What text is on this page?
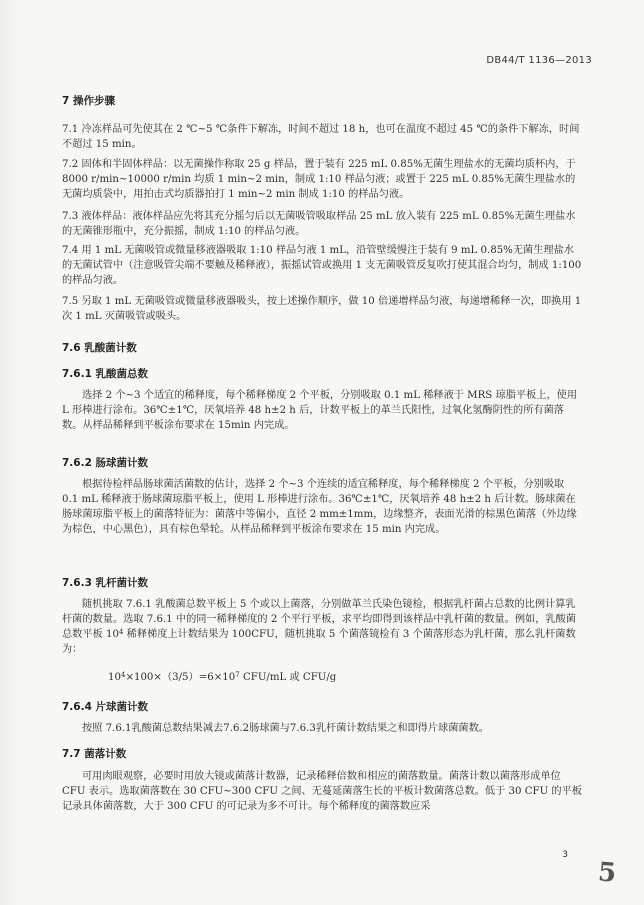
DB44/T 1136—2013
7 操作步骤

7.1 冷冻样品可先使其在 2 ℃~5 ℃条件下解冻，时间不超过 18 h，也可在温度不超过 45 ℃的条件下解冻，时间不超过 15 min。

7.2 固体和半固体样品：以无菌操作称取 25 g 样品，置于装有 225 mL 0.85%无菌生理盐水的无菌均质杯内，于 8000 r/min~10000 r/min 均质 1 min~2 min，制成 1:10 样品匀液；或置于 225 mL 0.85%无菌生理盐水的无菌均质袋中，用拍击式均质器拍打 1 min~2 min 制成 1:10 的样品匀液。

7.3 液体样品：液体样品应先将其充分摇匀后以无菌吸管吸取样品 25 mL 放入装有 225 mL 0.85%无菌生理盐水的无菌锥形瓶中，充分振摇，制成 1:10 的样品匀液。

7.4 用 1 mL 无菌吸管或微量移液器吸取 1:10 样品匀液 1 mL，沿管壁缓慢注于装有 9 mL 0.85%无菌生理盐水的无菌试管中（注意吸管尖端不要触及稀释液），振摇试管或换用 1 支无菌吸管反复吹打使其混合均匀，制成 1:100 的样品匀液。

7.5 另取 1 mL 无菌吸管或微量移液器吸头，按上述操作顺序，做 10 倍递增样品匀液，每递增稀释一次，即换用 1 次 1 mL 灭菌吸管或吸头。

7.6 乳酸菌计数
7.6.1 乳酸菌总数

选择 2 个~3 个适宜的稀释度，每个稀释梯度 2 个平板，分别吸取 0.1 mL 稀释液于 MRS 琼脂平板上，使用 L 形棒进行涂布。36℃±1℃，厌氧培养 48 h±2 h 后，计数平板上的革兰氏阳性，过氧化氢酶阴性的所有菌落数。从样品稀释到平板涂布要求在 15min 内完成。

7.6.2 肠球菌计数

根据待检样品肠球菌活菌数的估计，选择 2 个~3 个连续的适宜稀释度，每个稀释梯度 2 个平板，分别吸取 0.1 mL 稀释液于肠球菌琼脂平板上，使用 L 形棒进行涂布。36℃±1℃，厌氧培养 48 h±2 h 后计数。肠球菌在肠球菌琼脂平板上的菌落特征为：菌落中等偏小，直径 2 mm±1mm，边缘整齐，表面光滑的棕黑色菌落（外边缘为棕色，中心黑色），具有棕色晕轮。从样品稀释到平板涂布要求在 15 min 内完成。

7.6.3 乳杆菌计数

随机挑取 7.6.1 乳酸菌总数平板上 5 个或以上菌落，分别做革兰氏染色镜检，根据乳杆菌占总数的比例计算乳杆菌的数量。选取 7.6.1 中的同一稀释梯度的 2 个平行平板，求平均即得到该样品中乳杆菌的数量。例如，乳酸菌总数平板 $10^4$ 稀释梯度上计数结果为 100CFU，随机挑取 5 个菌落镜检有 3 个菌落形态为乳杆菌，那么乳杆菌数为：

$10^4\times 100\times(3/5)=6\times 10^7$ CFU/mL 或 CFU/g
7.6.4 片球菌计数

按照 7.6.1乳酸菌总数结果减去7.6.2肠球菌与7.6.3乳杆菌计数结果之和即得片球菌菌数。

7.7 菌落计数

可用肉眼观察，必要时用放大镜或菌落计数器，记录稀释倍数和相应的菌落数量。菌落计数以菌落形成单位 CFU 表示。选取菌落数在 30 CFU~300 CFU 之间、无蔓延菌落生长的平板计数菌落总数。低于 30 CFU 的平板记录具体菌落数，大于 300 CFU 的可记录为多不可计。每个稀释度的菌落数应采

3
5
